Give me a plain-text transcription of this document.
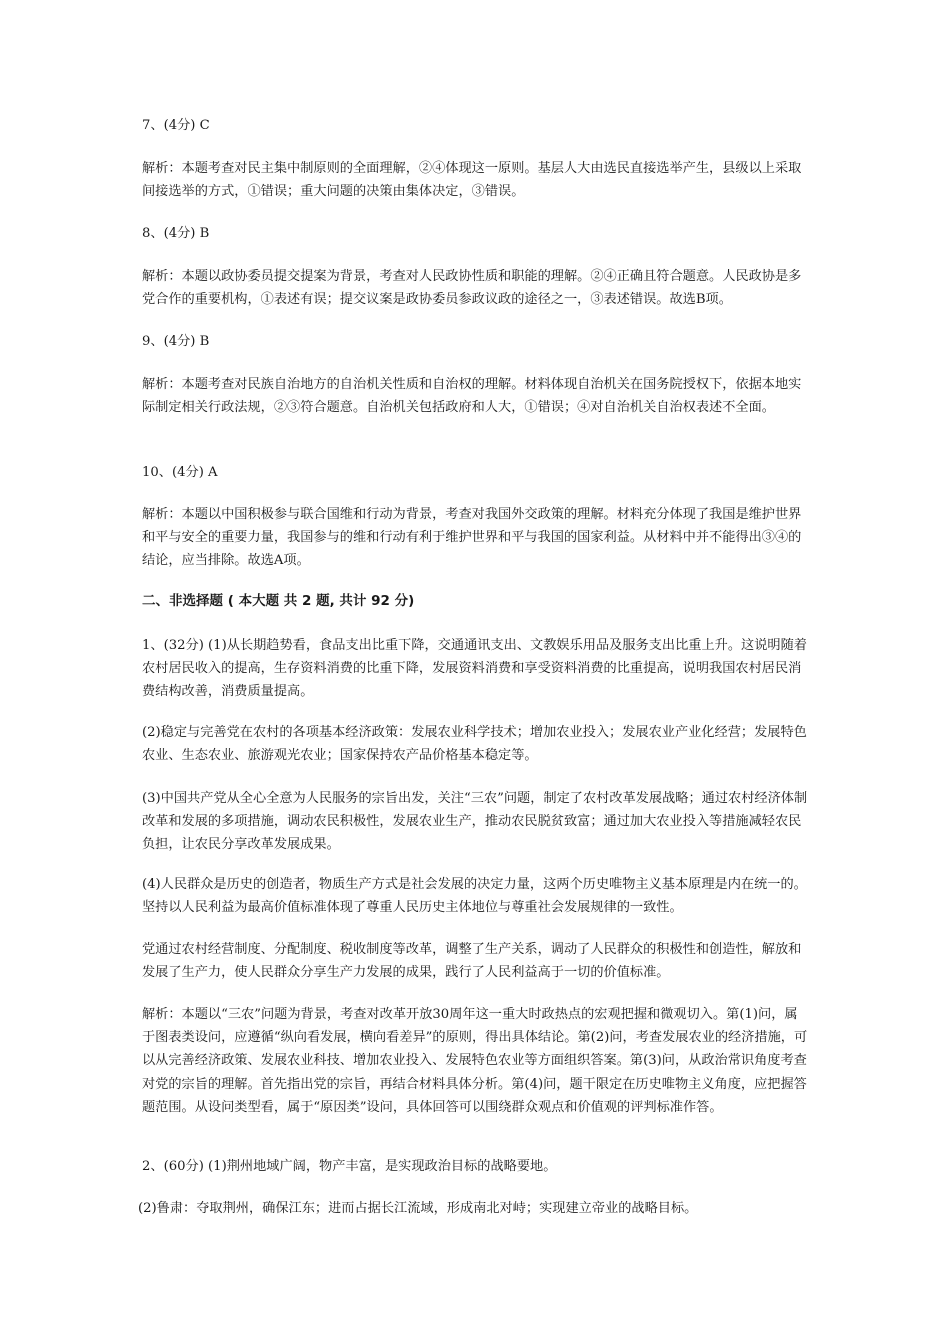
7、(4分) C

解析：本题考查对民主集中制原则的全面理解，②④体现这一原则。基层人大由选民直接选举产生，县级以上采取间接选举的方式，①错误；重大问题的决策由集体决定，③错误。

8、(4分) B

解析：本题以政协委员提交提案为背景，考查对人民政协性质和职能的理解。②④正确且符合题意。人民政协是多党合作的重要机构，①表述有误；提交议案是政协委员参政议政的途径之一，③表述错误。故选B项。

9、(4分) B

解析：本题考查对民族自治地方的自治机关性质和自治权的理解。材料体现自治机关在国务院授权下，依据本地实际制定相关行政法规，②③符合题意。自治机关包括政府和人大，①错误；④对自治机关自治权表述不全面。

10、(4分) A

解析：本题以中国积极参与联合国维和行动为背景，考查对我国外交政策的理解。材料充分体现了我国是维护世界和平与安全的重要力量，我国参与的维和行动有利于维护世界和平与我国的国家利益。从材料中并不能得出③④的结论，应当排除。故选A项。

二、非选择题 ( 本大题 共 2 题, 共计 92 分)

1、(32分) (1)从长期趋势看，食品支出比重下降，交通通讯支出、文教娱乐用品及服务支出比重上升。这说明随着农村居民收入的提高，生存资料消费的比重下降，发展资料消费和享受资料消费的比重提高，说明我国农村居民消费结构改善，消费质量提高。

(2)稳定与完善党在农村的各项基本经济政策：发展农业科学技术；增加农业投入；发展农业产业化经营；发展特色农业、生态农业、旅游观光农业；国家保持农产品价格基本稳定等。

(3)中国共产党从全心全意为人民服务的宗旨出发，关注“三农”问题，制定了农村改革发展战略；通过农村经济体制改革和发展的多项措施，调动农民积极性，发展农业生产，推动农民脱贫致富；通过加大农业投入等措施减轻农民负担，让农民分享改革发展成果。

(4)人民群众是历史的创造者，物质生产方式是社会发展的决定力量，这两个历史唯物主义基本原理是内在统一的。坚持以人民利益为最高价值标准体现了尊重人民历史主体地位与尊重社会发展规律的一致性。

党通过农村经营制度、分配制度、税收制度等改革，调整了生产关系，调动了人民群众的积极性和创造性，解放和发展了生产力，使人民群众分享生产力发展的成果，践行了人民利益高于一切的价值标准。

解析：本题以“三农”问题为背景，考查对改革开放30周年这一重大时政热点的宏观把握和微观切入。第(1)问，属于图表类设问，应遵循“纵向看发展，横向看差异”的原则，得出具体结论。第(2)问，考查发展农业的经济措施，可以从完善经济政策、发展农业科技、增加农业投入、发展特色农业等方面组织答案。第(3)问，从政治常识角度考查对党的宗旨的理解。首先指出党的宗旨，再结合材料具体分析。第(4)问，题干限定在历史唯物主义角度，应把握答题范围。从设问类型看，属于“原因类”设问，具体回答可以围绕群众观点和价值观的评判标准作答。

2、(60分) (1)荆州地域广阔，物产丰富，是实现政治目标的战略要地。

(2)鲁肃：夺取荆州，确保江东；进而占据长江流域，形成南北对峙；实现建立帝业的战略目标。
